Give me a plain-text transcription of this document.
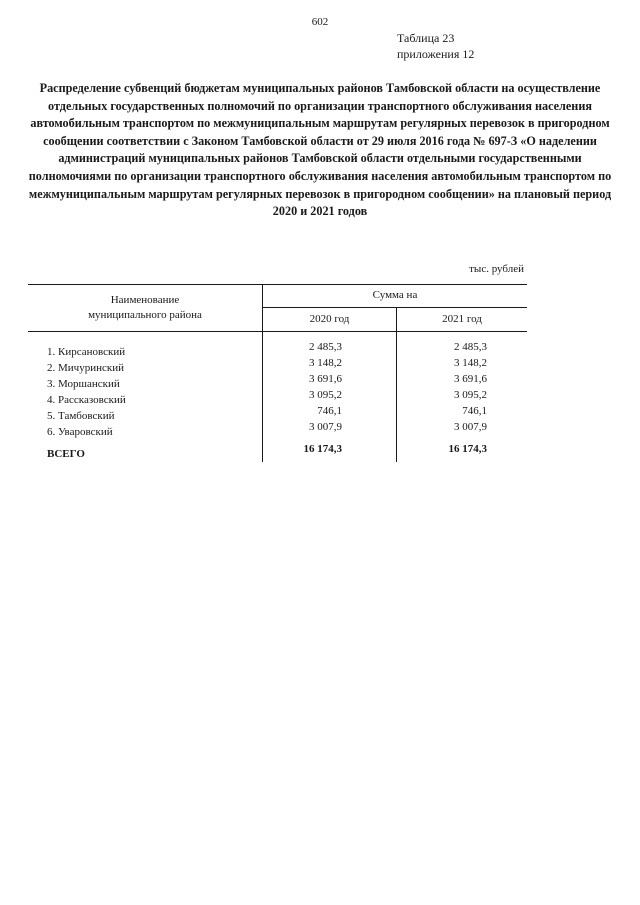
602
Таблица 23
приложения 12
Распределение субвенций бюджетам муниципальных районов Тамбовской области на осуществление отдельных государственных полномочий по организации транспортного обслуживания населения автомобильным транспортом по межмуниципальным маршрутам регулярных перевозок в пригородном сообщении соответствии с Законом Тамбовской области от 29 июля 2016 года № 697-З «О наделении администраций муниципальных районов Тамбовской области отдельными государственными полномочиями по организации транспортного обслуживания населения автомобильным транспортом по межмуниципальным маршрутам регулярных перевозок в пригородном сообщении» на плановый период 2020 и 2021 годов
тыс. рублей
Наименование
муниципального района
Сумма на
2020 год	2021 год
1. Кирсановский	2 485,3	2 485,3
2. Мичуринский	3 148,2	3 148,2
3. Моршанский	3 691,6	3 691,6
4. Рассказовский	3 095,2	3 095,2
5. Тамбовский	746,1	746,1
6. Уваровский	3 007,9	3 007,9
ВСЕГО	16 174,3	16 174,3
